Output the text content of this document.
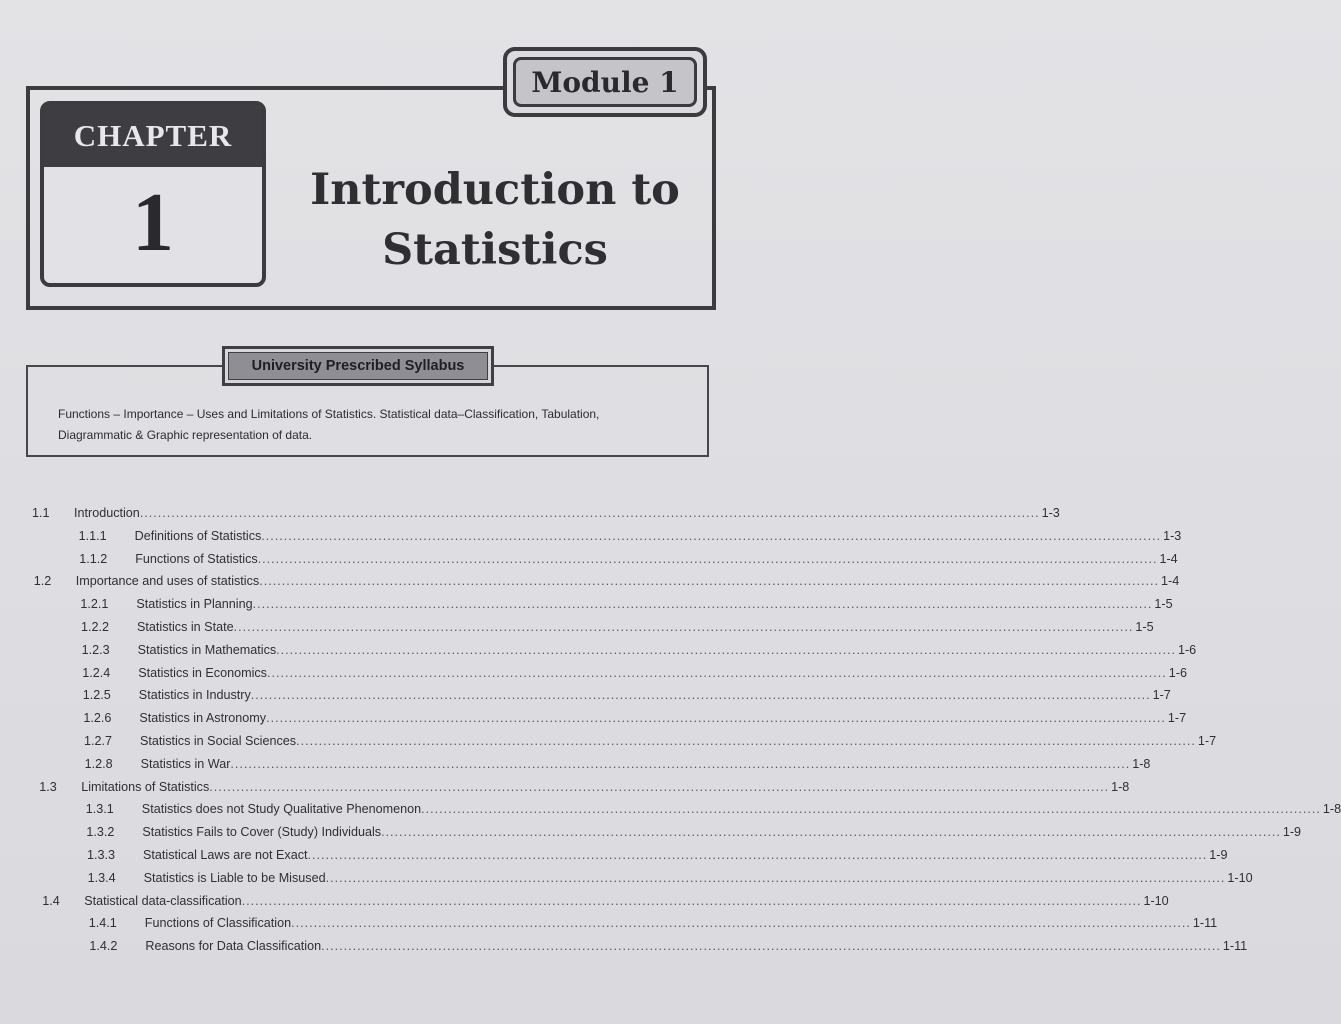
Module 1
CHAPTER
1	Introduction to
Statistics
University Prescribed Syllabus
Functions – Importance – Uses and Limitations of Statistics. Statistical data–Classification, Tabulation,
Diagrammatic & Graphic representation of data.
1.1 Introduction ........................................................................................................................................................................................................ 1-3
1.1.1 Definitions of Statistics ........................................................................................................................................................................................................ 1-3
1.1.2 Functions of Statistics ........................................................................................................................................................................................................ 1-4
1.2 Importance and uses of statistics ........................................................................................................................................................................................................ 1-4
1.2.1 Statistics in Planning ........................................................................................................................................................................................................ 1-5
1.2.2 Statistics in State ........................................................................................................................................................................................................ 1-5
1.2.3 Statistics in Mathematics ........................................................................................................................................................................................................ 1-6
1.2.4 Statistics in Economics ........................................................................................................................................................................................................ 1-6
1.2.5 Statistics in Industry ........................................................................................................................................................................................................ 1-7
1.2.6 Statistics in Astronomy ........................................................................................................................................................................................................ 1-7
1.2.7 Statistics in Social Sciences ........................................................................................................................................................................................................ 1-7
1.2.8 Statistics in War ........................................................................................................................................................................................................ 1-8
1.3 Limitations of Statistics ........................................................................................................................................................................................................ 1-8
1.3.1 Statistics does not Study Qualitative Phenomenon ........................................................................................................................................................................................................ 1-8
1.3.2 Statistics Fails to Cover (Study) Individuals ........................................................................................................................................................................................................ 1-9
1.3.3 Statistical Laws are not Exact ........................................................................................................................................................................................................ 1-9
1.3.4 Statistics is Liable to be Misused ........................................................................................................................................................................................................ 1-10
1.4 Statistical data-classification ........................................................................................................................................................................................................ 1-10
1.4.1 Functions of Classification ........................................................................................................................................................................................................ 1-11
1.4.2 Reasons for Data Classification ........................................................................................................................................................................................................ 1-11
